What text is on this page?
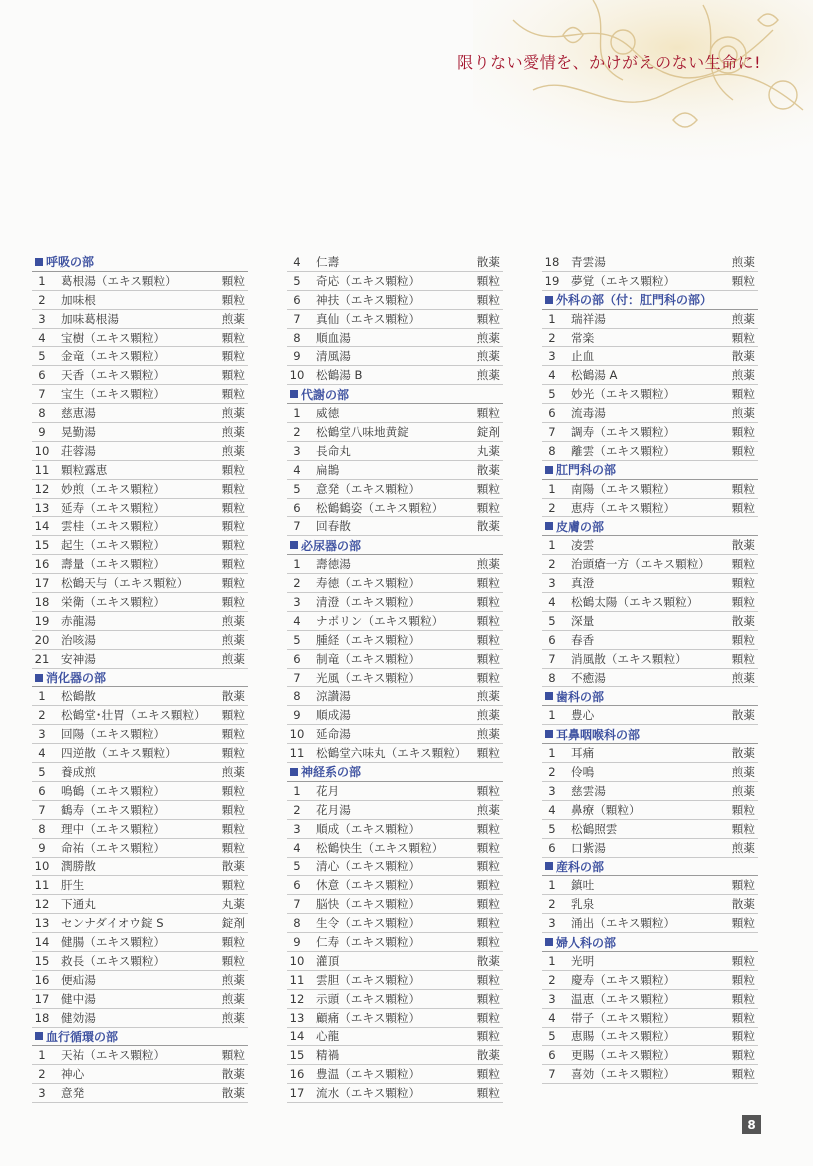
限りない愛情を、かけがえのない生命に!
呼吸の部
1	葛根湯（エキス顆粒）	顆粒
2	加味根	顆粒
3	加味葛根湯	煎薬
4	宝樹（エキス顆粒）	顆粒
5	金竜（エキス顆粒）	顆粒
6	天香（エキス顆粒）	顆粒
7	宝生（エキス顆粒）	顆粒
8	慈恵湯	煎薬
9	晃勤湯	煎薬
10	荘蓉湯	煎薬
11	顆粒露恵	顆粒
12	妙煎（エキス顆粒）	顆粒
13	延寿（エキス顆粒）	顆粒
14	雲桂（エキス顆粒）	顆粒
15	起生（エキス顆粒）	顆粒
16	壽量（エキス顆粒）	顆粒
17	松鶴天与（エキス顆粒）	顆粒
18	栄衛（エキス顆粒）	顆粒
19	赤龍湯	煎薬
20	治咳湯	煎薬
21	安神湯	煎薬
消化器の部
1	松鶴散	散薬
2	松鶴堂･壮胃（エキス顆粒）	顆粒
3	回陽（エキス顆粒）	顆粒
4	四逆散（エキス顆粒）	顆粒
5	養成煎	煎薬
6	鳴鶴（エキス顆粒）	顆粒
7	鶴寿（エキス顆粒）	顆粒
8	理中（エキス顆粒）	顆粒
9	命祐（エキス顆粒）	顆粒
10	潤勝散	散薬
11	肝生	顆粒
12	下通丸	丸薬
13	センナダイオウ錠 S	錠剤
14	健腸（エキス顆粒）	顆粒
15	救長（エキス顆粒）	顆粒
16	便疝湯	煎薬
17	健中湯	煎薬
18	健効湯	煎薬
血行循環の部
1	天祐（エキス顆粒）	顆粒
2	神心	散薬
3	意発	散薬
4	仁壽	散薬
5	奇応（エキス顆粒）	顆粒
6	神扶（エキス顆粒）	顆粒
7	真仙（エキス顆粒）	顆粒
8	順血湯	煎薬
9	清風湯	煎薬
10	松鶴湯 B	煎薬
代謝の部
1	威徳	顆粒
2	松鶴堂八味地黄錠	錠剤
3	長命丸	丸薬
4	扁鵲	散薬
5	意発（エキス顆粒）	顆粒
6	松鶴鶴姿（エキス顆粒）	顆粒
7	回春散	散薬
必尿器の部
1	壽徳湯	煎薬
2	寿徳（エキス顆粒）	顆粒
3	清澄（エキス顆粒）	顆粒
4	ナポリン（エキス顆粒）	顆粒
5	腫経（エキス顆粒）	顆粒
6	制竜（エキス顆粒）	顆粒
7	光風（エキス顆粒）	顆粒
8	涼讃湯	煎薬
9	順成湯	煎薬
10	延命湯	煎薬
11	松鶴堂六味丸（エキス顆粒） 顆粒
神経系の部
1	花月	顆粒
2	花月湯	煎薬
3	順成（エキス顆粒）	顆粒
4	松鶴快生（エキス顆粒）	顆粒
5	清心（エキス顆粒）	顆粒
6	休意（エキス顆粒）	顆粒
7	脳快（エキス顆粒）	顆粒
8	生令（エキス顆粒）	顆粒
9	仁寿（エキス顆粒）	顆粒
10	灌頂	散薬
11	雲胆（エキス顆粒）	顆粒
12	示頭（エキス顆粒）	顆粒
13	顧痛（エキス顆粒）	顆粒
14	心龍	顆粒
15	精禍	散薬
16	豊温（エキス顆粒）	顆粒
17	流水（エキス顆粒）	顆粒
18	青雲湯	煎薬
19	夢覚（エキス顆粒）	顆粒
外科の部（付：肛門科の部）
1	瑞祥湯	煎薬
2	常楽	顆粒
3	止血	散薬
4	松鶴湯 A	煎薬
5	妙光（エキス顆粒）	顆粒
6	流毒湯	煎薬
7	調寿（エキス顆粒）	顆粒
8	離雲（エキス顆粒）	顆粒
肛門科の部
1	南陽（エキス顆粒）	顆粒
2	恵痔（エキス顆粒）	顆粒
皮膚の部
1	凌雲	散薬
2	治頭瘡一方（エキス顆粒）	顆粒
3	真澄	顆粒
4	松鶴太陽（エキス顆粒）	顆粒
5	深量	散薬
6	春香	顆粒
7	消風散（エキス顆粒）	顆粒
8	不癒湯	煎薬
歯科の部
1	豊心	散薬
耳鼻咽喉科の部
1	耳痛	散薬
2	伶鳴	煎薬
3	慈雲湯	煎薬
4	鼻療（顆粒）	顆粒
5	松鶴照雲	顆粒
6	口紫湯	煎薬
産科の部
1	鎮吐	顆粒
2	乳泉	散薬
3	涌出（エキス顆粒）	顆粒
婦人科の部
1	光明	顆粒
2	慶寿（エキス顆粒）	顆粒
3	温恵（エキス顆粒）	顆粒
4	帯子（エキス顆粒）	顆粒
5	恵賜（エキス顆粒）	顆粒
6	更賜（エキス顆粒）	顆粒
7	喜効（エキス顆粒）	顆粒
8
